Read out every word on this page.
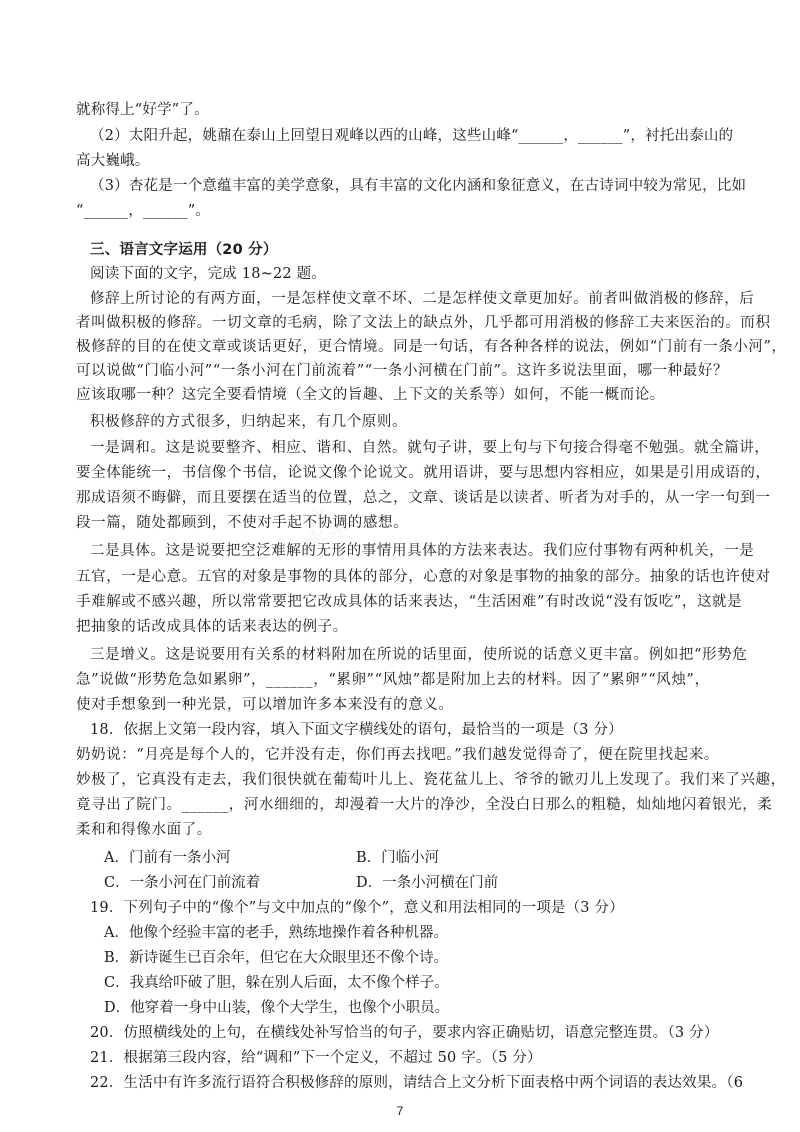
⁂
就称得上“好学”了。
（2）太阳升起，姚鼐在泰山上回望日观峰以西的山峰，这些山峰“______，______”，衬托出泰山的
高大巍峨。
（3）杏花是一个意蕴丰富的美学意象，具有丰富的文化内涵和象征意义，在古诗词中较为常见，比如
“______，______”。
三、语言文字运用（20 分）
阅读下面的文字，完成 18~22 题。
修辞上所讨论的有两方面，一是怎样使文章不坏、二是怎样使文章更加好。前者叫做消极的修辞，后
者叫做积极的修辞。一切文章的毛病，除了文法上的缺点外，几乎都可用消极的修辞工夫来医治的。而积
极修辞的目的在使文章或谈话更好，更合情境。同是一句话，有各种各样的说法，例如“门前有一条小河”，
可以说做“门临小河”“一条小河在门前流着”“一条小河横在门前”。这许多说法里面，哪一种最好？
应该取哪一种？这完全要看情境（全文的旨趣、上下文的关系等）如何，不能一概而论。
积极修辞的方式很多，归纳起来，有几个原则。
一是调和。这是说要整齐、相应、谐和、自然。就句子讲，要上句与下句接合得毫不勉强。就全篇讲，
要全体能统一，书信像个书信，论说文像个论说文。就用语讲，要与思想内容相应，如果是引用成语的，
那成语须不晦僻，而且要摆在适当的位置，总之，文章、谈话是以读者、听者为对手的，从一字一句到一
段一篇，随处都顾到，不使对手起不协调的感想。
二是具体。这是说要把空泛难解的无形的事情用具体的方法来表达。我们应付事物有两种机关，一是
五官，一是心意。五官的对象是事物的具体的部分，心意的对象是事物的抽象的部分。抽象的话也许使对
手难解或不感兴趣，所以常常要把它改成具体的话来表达，“生活困难”有时改说“没有饭吃”，这就是
把抽象的话改成具体的话来表达的例子。
三是增义。这是说要用有关系的材料附加在所说的话里面，使所说的话意义更丰富。例如把“形势危
急”说做“形势危急如累卵”，______，“累卵”“风烛”都是附加上去的材料。因了“累卵”“风烛”，
使对手想象到一种光景，可以增加许多本来没有的意义。
18．依据上文第一段内容，填入下面文字横线处的语句，最恰当的一项是（3 分）
奶奶说：“月亮是每个人的，它并没有走，你们再去找吧。”我们越发觉得奇了，便在院里找起来。
妙极了，它真没有走去，我们很快就在葡萄叶儿上、瓷花盆儿上、爷爷的锨刃儿上发现了。我们来了兴趣，
竟寻出了院门。______，河水细细的，却漫着一大片的净沙，全没白日那么的粗糙，灿灿地闪着银光，柔
柔和和得像水面了。
A．门前有一条小河	B．门临小河
C．一条小河在门前流着	D．一条小河横在门前
19．下列句子中的“像个”与文中加点的“像个”，意义和用法相同的一项是（3 分）
A．他像个经验丰富的老手，熟练地操作着各种机器。
B．新诗诞生已百余年，但它在大众眼里还不像个诗。
C．我真给吓破了胆，躲在别人后面，太不像个样子。
D．他穿着一身中山装，像个大学生，也像个小职员。
20．仿照横线处的上句，在横线处补写恰当的句子，要求内容正确贴切，语意完整连贯。（3 分）
21．根据第三段内容，给“调和”下一个定义，不超过 50 字。（5 分）
22．生活中有许多流行语符合积极修辞的原则，请结合上文分析下面表格中两个词语的表达效果。（6
7
